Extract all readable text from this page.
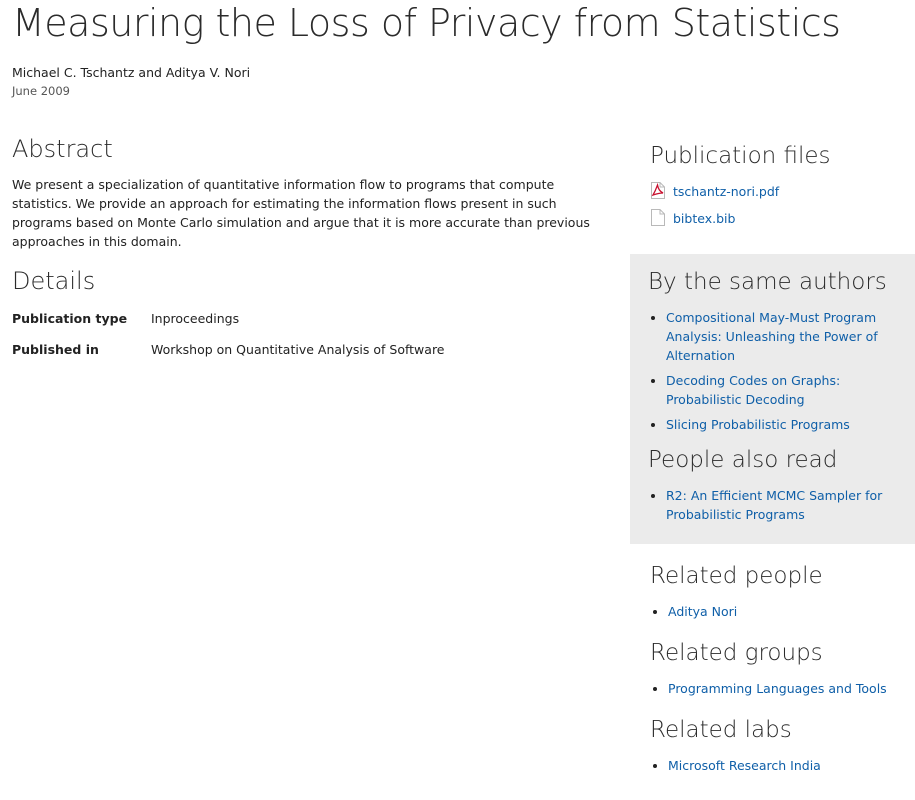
Measuring the Loss of Privacy from Statistics
Michael C. Tschantz and Aditya V. Nori
June 2009
Abstract

We present a specialization of quantitative information flow to programs that compute statistics. We provide an approach for estimating the information flows present in such programs based on Monte Carlo simulation and argue that it is more accurate than previous approaches in this domain.

Details
Publication type	Inproceedings
Published in	Workshop on Quantitative Analysis of Software
Publication files
tschantz-nori.pdf
bibtex.bib
By the same authors
• Compositional May-Must Program Analysis: Unleashing the Power of Alternation
• Decoding Codes on Graphs: Probabilistic Decoding
• Slicing Probabilistic Programs
People also read
• R2: An Efficient MCMC Sampler for Probabilistic Programs
Related people
• Aditya Nori
Related groups
• Programming Languages and Tools
Related labs
• Microsoft Research India
